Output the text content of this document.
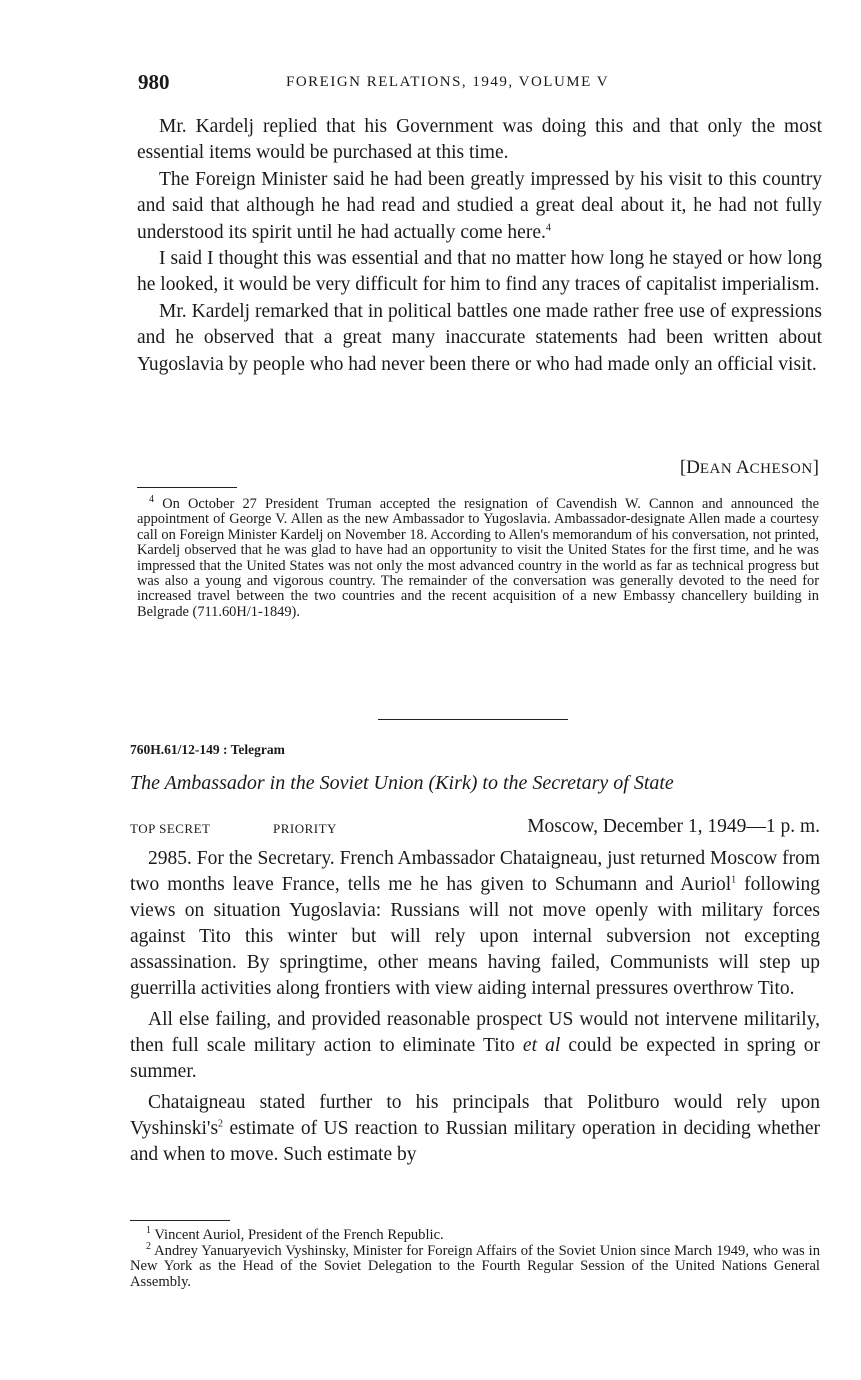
980	FOREIGN RELATIONS, 1949, VOLUME V

Mr. Kardelj replied that his Government was doing this and that only the most essential items would be purchased at this time.

The Foreign Minister said he had been greatly impressed by his visit to this country and said that although he had read and studied a great deal about it, he had not fully understood its spirit until he had actually come here.$^4$

I said I thought this was essential and that no matter how long he stayed or how long he looked, it would be very difficult for him to find any traces of capitalist imperialism.

Mr. Kardelj remarked that in political battles one made rather free use of expressions and he observed that a great many inaccurate statements had been written about Yugoslavia by people who had never been there or who had made only an official visit.

[DEAN ACHESON]

$^4$ On October 27 President Truman accepted the resignation of Cavendish W. Cannon and announced the appointment of George V. Allen as the new Ambassador to Yugoslavia. Ambassador-designate Allen made a courtesy call on Foreign Minister Kardelj on November 18. According to Allen's memorandum of his conversation, not printed, Kardelj observed that he was glad to have had an opportunity to visit the United States for the first time, and he was impressed that the United States was not only the most advanced country in the world as far as technical progress but was also a young and vigorous country. The remainder of the conversation was generally devoted to the need for increased travel between the two countries and the recent acquisition of a new Embassy chancellery building in Belgrade (711.60H/1-1849).

760H.61/12-149 : Telegram
The Ambassador in the Soviet Union (Kirk) to the Secretary of State
TOP SECRET	PRIORITY	Moscow, December 1, 1949—1 p. m.

2985. For the Secretary. French Ambassador Chataigneau, just returned Moscow from two months leave France, tells me he has given to Schumann and Auriol$^1$ following views on situation Yugoslavia: Russians will not move openly with military forces against Tito this winter but will rely upon internal subversion not excepting assassination. By springtime, other means having failed, Communists will step up guerrilla activities along frontiers with view aiding internal pressures overthrow Tito.

All else failing, and provided reasonable prospect US would not intervene militarily, then full scale military action to eliminate Tito et al could be expected in spring or summer.

Chataigneau stated further to his principals that Politburo would rely upon $Vyshinski's^2$ estimate of US reaction to Russian military operation in deciding whether and when to move. Such estimate by

$^1$ Vincent Auriol, President of the French Republic.

$^2$ Andrey Yanuaryevich Vyshinsky, Minister for Foreign Affairs of the Soviet Union since March 1949, who was in New York as the Head of the Soviet Delegation to the Fourth Regular Session of the United Nations General Assembly.
